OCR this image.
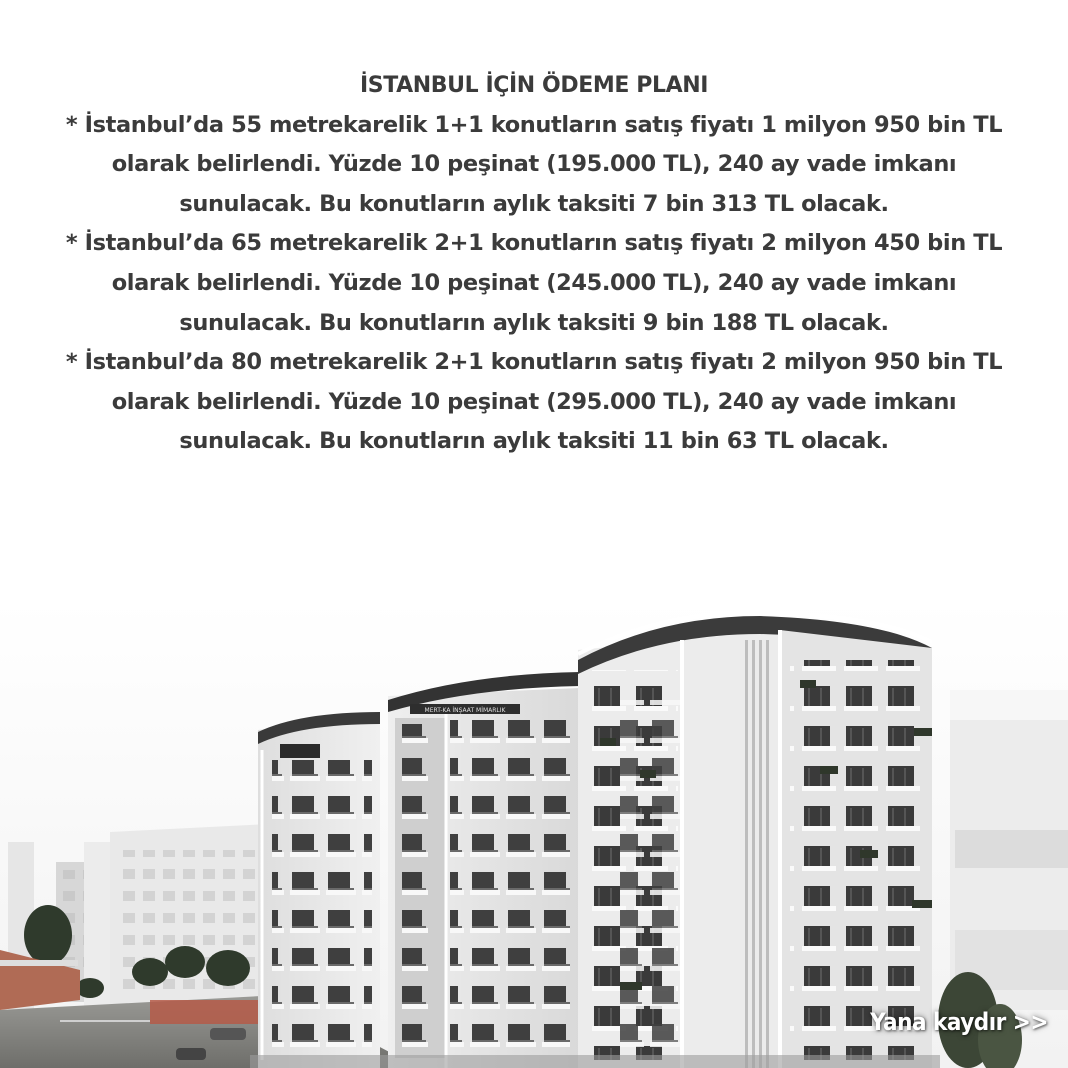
İSTANBUL İÇİN ÖDEME PLANI
* İstanbul’da 55 metrekarelik 1+1 konutların satış fiyatı 1 milyon 950 bin TL
olarak belirlendi. Yüzde 10 peşinat (195.000 TL), 240 ay vade imkanı
sunulacak. Bu konutların aylık taksiti 7 bin 313 TL olacak.
* İstanbul’da 65 metrekarelik 2+1 konutların satış fiyatı 2 milyon 450 bin TL
olarak belirlendi. Yüzde 10 peşinat (245.000 TL), 240 ay vade imkanı
sunulacak. Bu konutların aylık taksiti 9 bin 188 TL olacak.
* İstanbul’da 80 metrekarelik 2+1 konutların satış fiyatı 2 milyon 950 bin TL
olarak belirlendi. Yüzde 10 peşinat (295.000 TL), 240 ay vade imkanı
sunulacak. Bu konutların aylık taksiti 11 bin 63 TL olacak.
MERT-KA İNŞAAT MİMARLIK
Yana kaydır >>
